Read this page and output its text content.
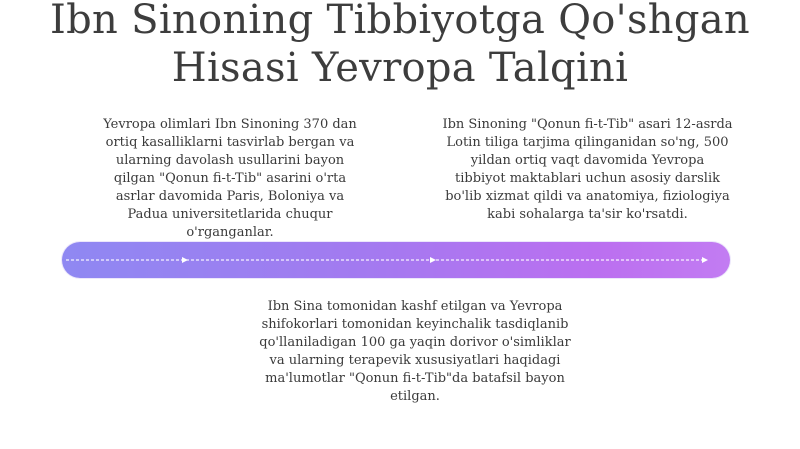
Ibn Sinoning Tibbiyotga Qo'shgan
Hisasi Yevropa Talqini
Yevropa olimlari Ibn Sinoning 370 dan
ortiq kasalliklarni tasvirlab bergan va
ularning davolash usullarini bayon
qilgan "Qonun fi-t-Tib" asarini o'rta
asrlar davomida Paris, Boloniya va
Padua universitetlarida chuqur
o'rganganlar.
Ibn Sinoning "Qonun fi-t-Tib" asari 12-asrda
Lotin tiliga tarjima qilinganidan so'ng, 500
yildan ortiq vaqt davomida Yevropa
tibbiyot maktablari uchun asosiy darslik
bo'lib xizmat qildi va anatomiya, fiziologiya
kabi sohalarga ta'sir ko'rsatdi.
Ibn Sina tomonidan kashf etilgan va Yevropa
shifokorlari tomonidan keyinchalik tasdiqlanib
qo'llaniladigan 100 ga yaqin dorivor o'simliklar
va ularning terapevik xususiyatlari haqidagi
ma'lumotlar "Qonun fi-t-Tib"da batafsil bayon
etilgan.
